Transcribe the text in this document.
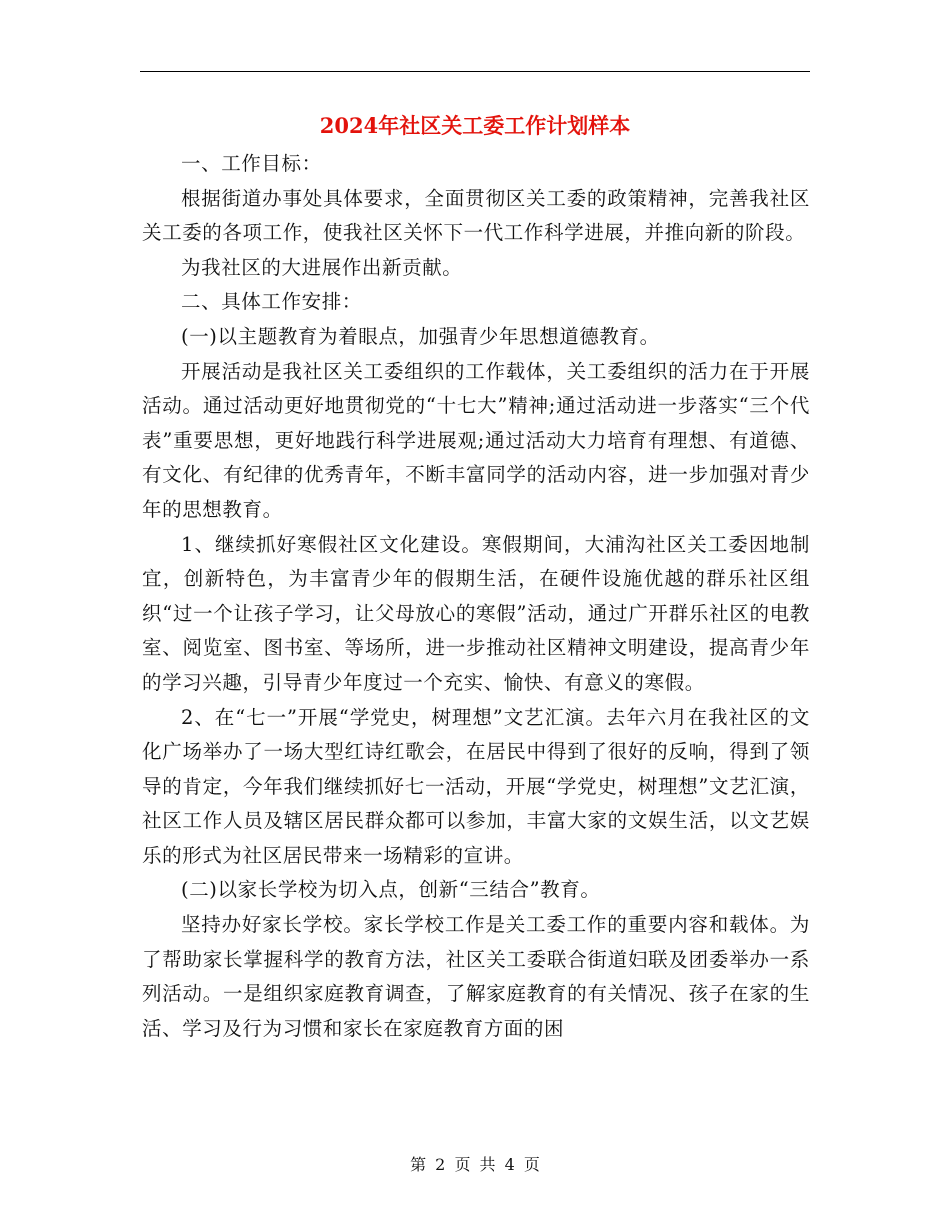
2024年社区关工委工作计划样本

一、工作目标：

根据街道办事处具体要求，全面贯彻区关工委的政策精神，完善我社区关工委的各项工作，使我社区关怀下一代工作科学进展，并推向新的阶段。

为我社区的大进展作出新贡献。

二、具体工作安排：

(一)以主题教育为着眼点，加强青少年思想道德教育。

开展活动是我社区关工委组织的工作载体，关工委组织的活力在于开展活动。通过活动更好地贯彻党的“十七大”精神;通过活动进一步落实“三个代表”重要思想，更好地践行科学进展观;通过活动大力培育有理想、有道德、有文化、有纪律的优秀青年，不断丰富同学的活动内容，进一步加强对青少年的思想教育。

1、继续抓好寒假社区文化建设。寒假期间，大浦沟社区关工委因地制宜，创新特色，为丰富青少年的假期生活，在硬件设施优越的群乐社区组织“过一个让孩子学习，让父母放心的寒假”活动，通过广开群乐社区的电教室、阅览室、图书室、等场所，进一步推动社区精神文明建设，提高青少年的学习兴趣，引导青少年度过一个充实、愉快、有意义的寒假。

2、在“七一”开展“学党史，树理想”文艺汇演。去年六月在我社区的文化广场举办了一场大型红诗红歌会，在居民中得到了很好的反响，得到了领导的肯定，今年我们继续抓好七一活动，开展“学党史，树理想”文艺汇演，社区工作人员及辖区居民群众都可以参加，丰富大家的文娱生活，以文艺娱乐的形式为社区居民带来一场精彩的宣讲。

(二)以家长学校为切入点，创新“三结合”教育。

坚持办好家长学校。家长学校工作是关工委工作的重要内容和载体。为了帮助家长掌握科学的教育方法，社区关工委联合街道妇联及团委举办一系列活动。一是组织家庭教育调查，了解家庭教育的有关情况、孩子在家的生活、学习及行为习惯和家长在家庭教育方面的困

第 2 页 共 4 页
